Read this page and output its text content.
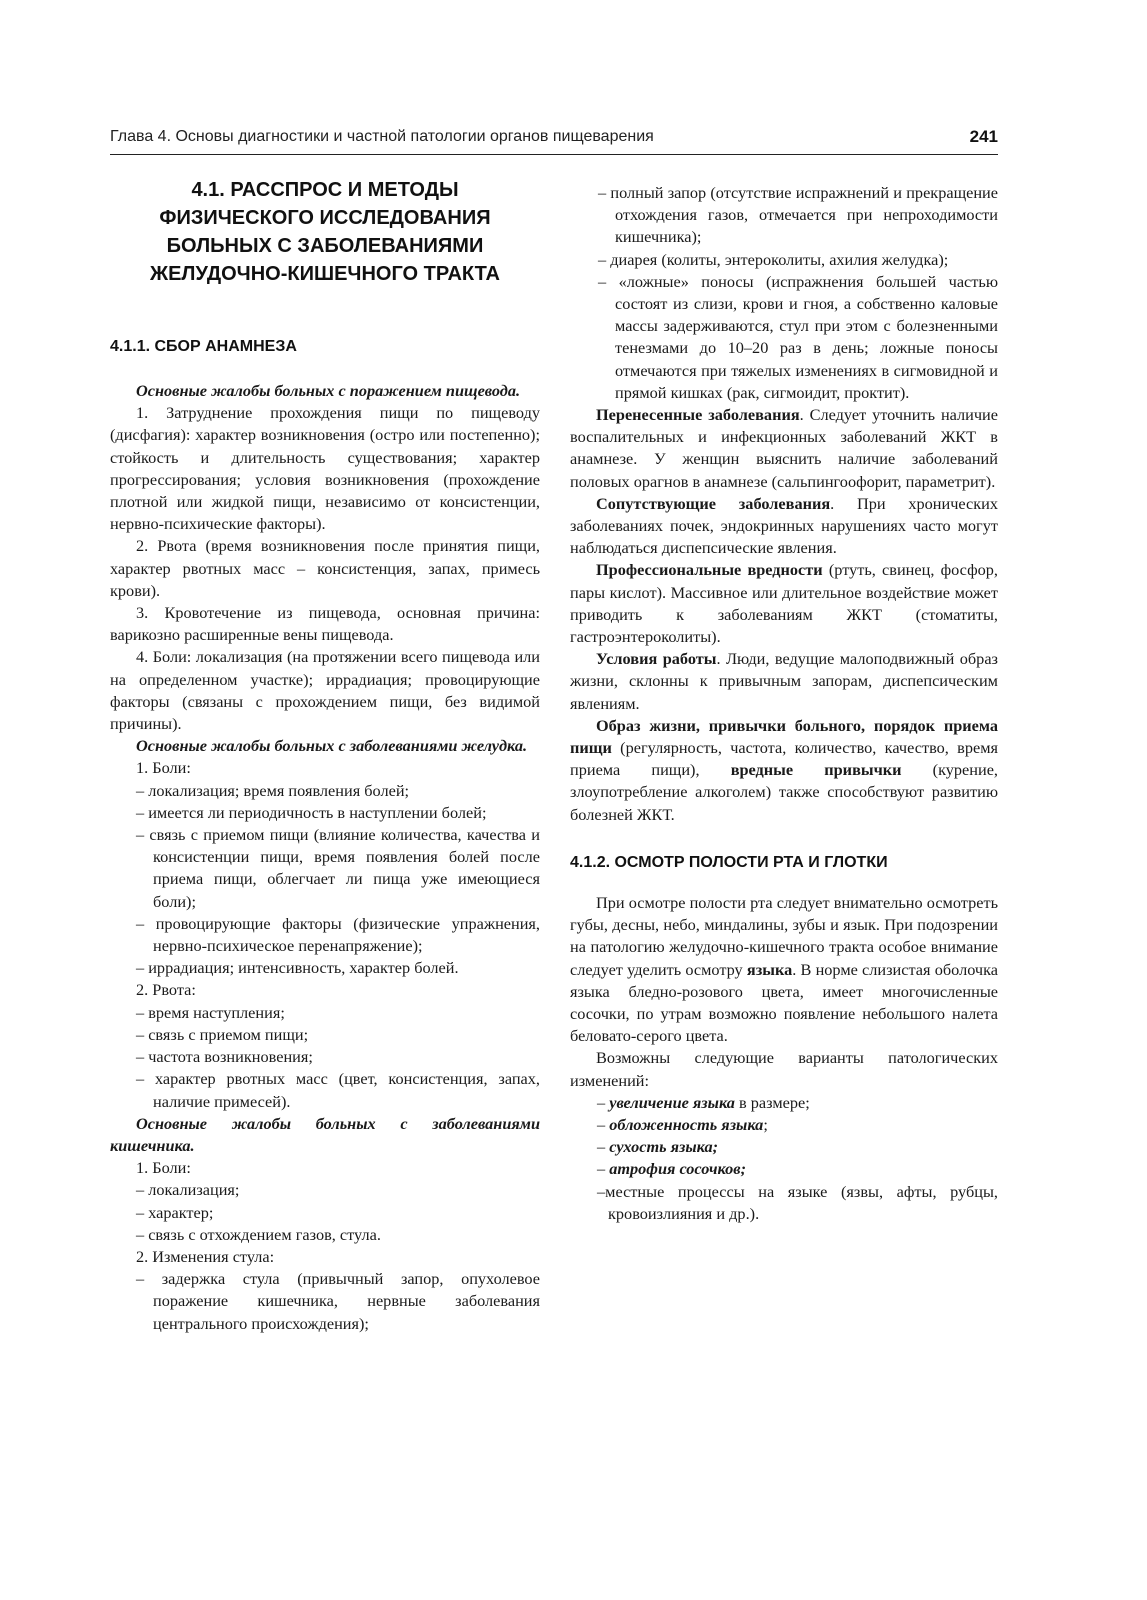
Глава 4. Основы диагностики и частной патологии органов пищеварения	241
4.1. РАССПРОС И МЕТОДЫ
ФИЗИЧЕСКОГО ИССЛЕДОВАНИЯ
БОЛЬНЫХ С ЗАБОЛЕВАНИЯМИ
ЖЕЛУДОЧНО-КИШЕЧНОГО ТРАКТА
4.1.1. СБОР АНАМНЕЗА

Основные жалобы больных с поражением пищевода.

1. Затруднение прохождения пищи по пищеводу (дисфагия): характер возникновения (остро или постепенно); стойкость и длительность существования; характер прогрессирования; условия возникновения (прохождение плотной или жидкой пищи, независимо от консистенции, нервно-психические факторы).

2. Рвота (время возникновения после принятия пищи, характер рвотных масс – консистенция, запах, примесь крови).

3. Кровотечение из пищевода, основная причина: варикозно расширенные вены пищевода.

4. Боли: локализация (на протяжении всего пищевода или на определенном участке); иррадиация; провоцирующие факторы (связаны с прохождением пищи, без видимой причины).

Основные жалобы больных с заболеваниями желудка.

1. Боли:

– локализация; время появления болей;

– имеется ли периодичность в наступлении болей;

– связь с приемом пищи (влияние количества, качества и консистенции пищи, время появления болей после приема пищи, облегчает ли пища уже имеющиеся боли);

– провоцирующие факторы (физические упражнения, нервно-психическое перенапряжение);

– иррадиация; интенсивность, характер болей.

2. Рвота:

– время наступления;

– связь с приемом пищи;

– частота возникновения;

– характер рвотных масс (цвет, консистенция, запах, наличие примесей).

Основные жалобы больных с заболеваниями кишечника.

1. Боли:

– локализация;

– характер;

– связь с отхождением газов, стула.

2. Изменения стула:

– задержка стула (привычный запор, опухолевое поражение кишечника, нервные заболевания центрального происхождения);

– полный запор (отсутствие испражнений и прекращение отхождения газов, отмечается при непроходимости кишечника);

– диарея (колиты, энтероколиты, ахилия желудка);

– «ложные» поносы (испражнения большей частью состоят из слизи, крови и гноя, а собственно каловые массы задерживаются, стул при этом с болезненными тенезмами до 10–20 раз в день; ложные поносы отмечаются при тяжелых изменениях в сигмовидной и прямой кишках (рак, сигмоидит, проктит).

Перенесенные заболевания. Следует уточнить наличие воспалительных и инфекционных заболеваний ЖКТ в анамнезе. У женщин выяснить наличие заболеваний половых орагнов в анамнезе (сальпингоофорит, параметрит).

Сопутствующие заболевания. При хронических заболеваниях почек, эндокринных нарушениях часто могут наблюдаться диспепсические явления.

Профессиональные вредности (ртуть, свинец, фосфор, пары кислот). Массивное или длительное воздействие может приводить к заболеваниям ЖКТ (стоматиты, гастроэнтероколиты).

Условия работы. Люди, ведущие малоподвижный образ жизни, склонны к привычным запорам, диспепсическим явлениям.

Образ жизни, привычки больного, порядок приема пищи (регулярность, частота, количество, качество, время приема пищи), вредные привычки (курение, злоупотребление алкоголем) также способствуют развитию болезней ЖКТ.

4.1.2. ОСМОТР ПОЛОСТИ РТА И ГЛОТКИ

При осмотре полости рта следует внимательно осмотреть губы, десны, небо, миндалины, зубы и язык. При подозрении на патологию желудочно-кишечного тракта особое внимание следует уделить осмотру языка. В норме слизистая оболочка языка бледно-розового цвета, имеет многочисленные сосочки, по утрам возможно появление небольшого налета беловато-серого цвета.

Возможны следующие варианты патологических изменений:

– увеличение языка в размере;

– обложенность языка;

– сухость языка;

– атрофия сосочков;

–местные процессы на языке (язвы, афты, рубцы, кровоизлияния и др.).
